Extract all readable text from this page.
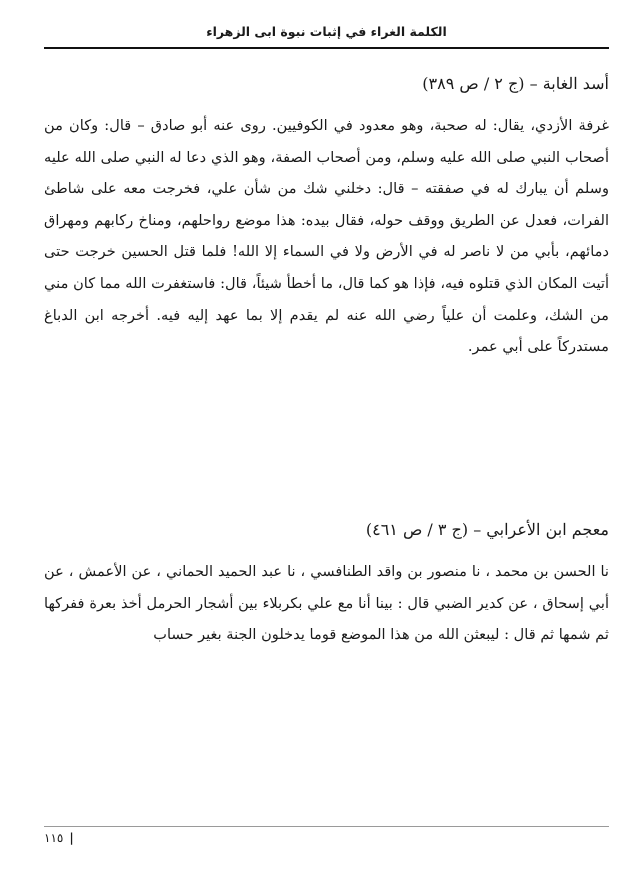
الكلمة الغراء في إثبات نبوة ابى الزهراء

أسد الغابة – (ج ٢ / ص ٣٨٩)

غرفة الأزدي، يقال: له صحبة، وهو معدود في الكوفيين. روى عنه أبو صادق – قال: وكان من أصحاب النبي صلى الله عليه وسلم، ومن أصحاب الصفة، وهو الذي دعا له النبي صلى الله عليه وسلم أن يبارك له في صفقته – قال: دخلني شك من شأن علي، فخرجت معه على شاطئ الفرات، فعدل عن الطريق ووقف حوله، فقال بيده: هذا موضع رواحلهم، ومناخ ركابهم ومهراق دمائهم، بأبي من لا ناصر له في الأرض ولا في السماء إلا الله! فلما قتل الحسين خرجت حتى أتيت المكان الذي قتلوه فيه، فإذا هو كما قال، ما أخطأ شيئاً، قال: فاستغفرت الله مما كان مني من الشك، وعلمت أن علياً رضي الله عنه لم يقدم إلا بما عهد إليه فيه. أخرجه ابن الدباغ مستدركاً على أبي عمر.

معجم ابن الأعرابي – (ج ٣ / ص ٤٦١)

نا الحسن بن محمد ، نا منصور بن واقد الطنافسي ، نا عبد الحميد الحماني ، عن الأعمش ، عن أبي إسحاق ، عن كدير الضبي قال : بينا أنا مع علي بكربلاء بين أشجار الحرمل أخذ بعرة ففركها ثم شمها ثم قال : ليبعثن الله من هذا الموضع قوما يدخلون الجنة بغير حساب

١١٥ |
